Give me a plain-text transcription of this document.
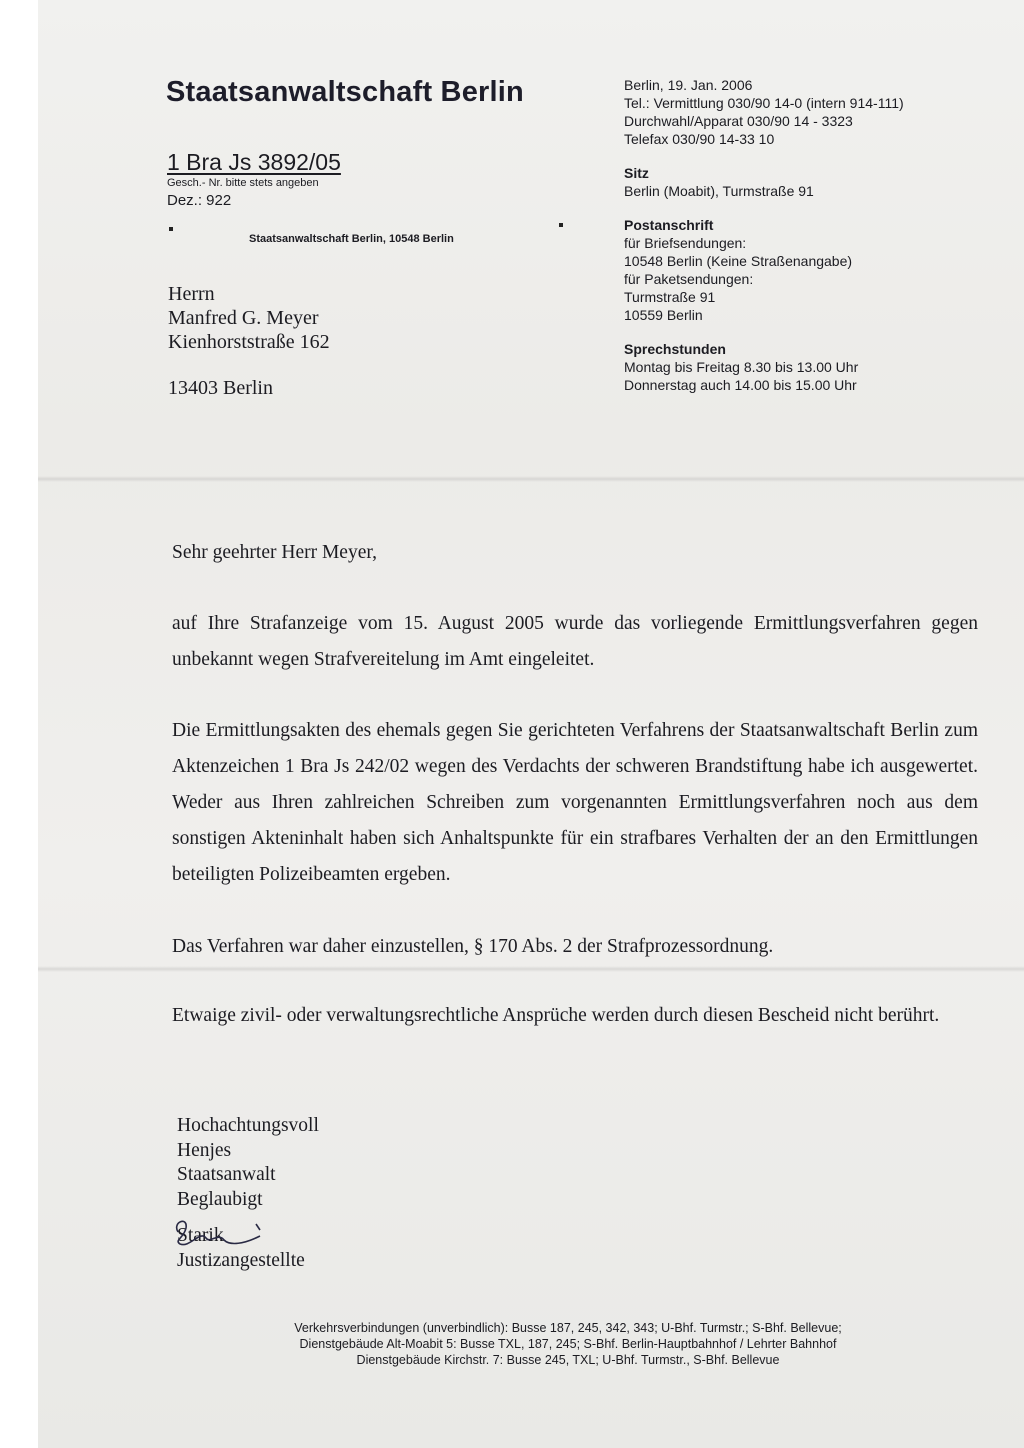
Staatsanwaltschaft Berlin
1 Bra Js 3892/05
Gesch.- Nr. bitte stets angeben
Dez.: 922
Staatsanwaltschaft Berlin, 10548 Berlin
Herrn
Manfred G. Meyer
Kienhorststraße 162
13403 Berlin
Berlin, 19. Jan. 2006
Tel.: Vermittlung 030/90 14-0 (intern 914-111)
Durchwahl/Apparat 030/90 14 - 3323
Telefax 030/90 14-33 10
Sitz
Berlin (Moabit), Turmstraße 91
Postanschrift
für Briefsendungen:
10548 Berlin (Keine Straßenangabe)
für Paketsendungen:
Turmstraße 91
10559 Berlin
Sprechstunden
Montag bis Freitag 8.30 bis 13.00 Uhr
Donnerstag auch 14.00 bis 15.00 Uhr
Sehr geehrter Herr Meyer,
auf Ihre Strafanzeige vom 15. August 2005 wurde das vorliegende Ermittlungsverfahren gegen unbekannt wegen Strafvereitelung im Amt eingeleitet.
Die Ermittlungsakten des ehemals gegen Sie gerichteten Verfahrens der Staatsanwaltschaft Berlin zum Aktenzeichen 1 Bra Js 242/02 wegen des Verdachts der schweren Brandstiftung habe ich ausgewertet. Weder aus Ihren zahlreichen Schreiben zum vorgenannten Ermittlungsverfahren noch aus dem sonstigen Akteninhalt haben sich Anhaltspunkte für ein strafbares Verhalten der an den Ermittlungen beteiligten Polizeibeamten ergeben.
Das Verfahren war daher einzustellen, § 170 Abs. 2 der Strafprozessordnung.
Etwaige zivil- oder verwaltungsrechtliche Ansprüche werden durch diesen Bescheid nicht berührt.
Hochachtungsvoll
Henjes
Staatsanwalt
Beglaubigt
Starik
Justizangestellte
Verkehrsverbindungen (unverbindlich): Busse 187, 245, 342, 343; U-Bhf. Turmstr.; S-Bhf. Bellevue;
Dienstgebäude Alt-Moabit 5: Busse TXL, 187, 245; S-Bhf. Berlin-Hauptbahnhof / Lehrter Bahnhof
Dienstgebäude Kirchstr. 7: Busse 245, TXL; U-Bhf. Turmstr., S-Bhf. Bellevue
